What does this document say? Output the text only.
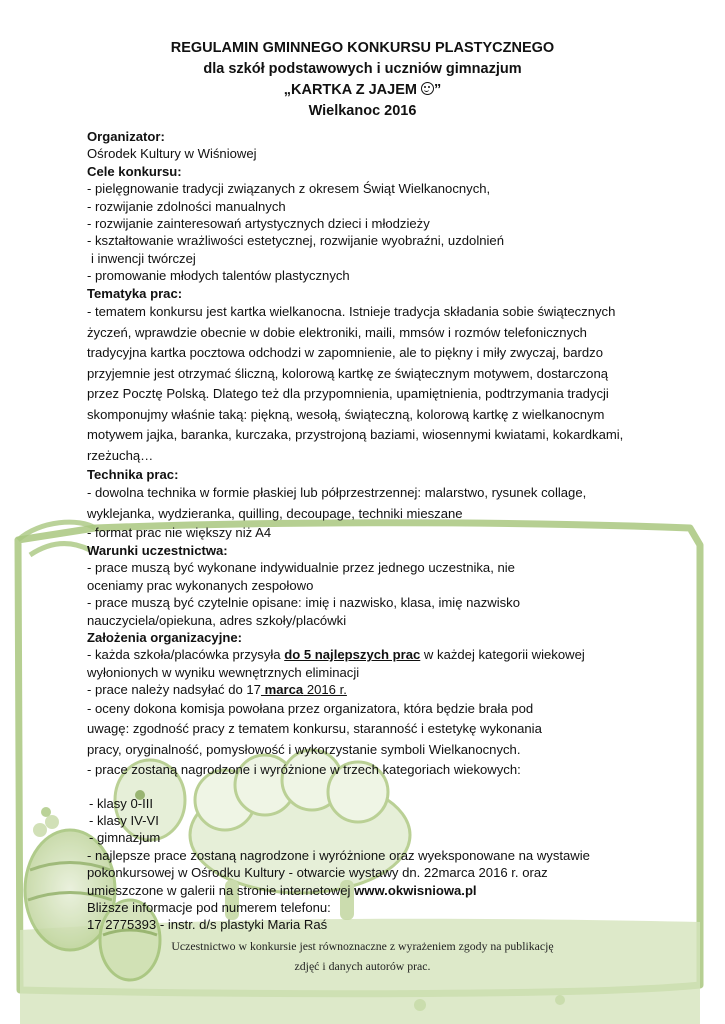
REGULAMIN GMINNEGO KONKURSU PLASTYCZNEGO
dla szkół podstawowych i uczniów gimnazjum
„KARTKA Z JAJEM ”
Wielkanoc 2016

Organizator:

Ośrodek Kultury w Wiśniowej

Cele konkursu:

- pielęgnowanie tradycji związanych z okresem Świąt Wielkanocnych,

- rozwijanie zdolności manualnych

- rozwijanie zainteresowań artystycznych dzieci i młodzieży

- kształtowanie wrażliwości estetycznej, rozwijanie wyobraźni, uzdolnień

i inwencji twórczej

- promowanie młodych talentów plastycznych

Tematyka prac:

- tematem konkursu jest kartka wielkanocna. Istnieje tradycja składania sobie świątecznych

życzeń, wprawdzie obecnie w dobie elektroniki, maili, mmsów i rozmów telefonicznych

tradycyjna kartka pocztowa odchodzi w zapomnienie, ale to piękny i miły zwyczaj, bardzo

przyjemnie jest otrzymać śliczną, kolorową kartkę ze świątecznym motywem, dostarczoną

przez Pocztę Polską. Dlatego też dla przypomnienia, upamiętnienia, podtrzymania tradycji

skomponujmy właśnie taką: piękną, wesołą, świąteczną, kolorową kartkę z wielkanocnym

motywem jajka, baranka, kurczaka, przystrojoną baziami, wiosennymi kwiatami, kokardkami,

rzeżuchą…

Technika prac:

- dowolna technika w formie płaskiej lub półprzestrzennej: malarstwo, rysunek collage,

wyklejanka, wydzieranka, quilling, decoupage, techniki mieszane

- format prac nie większy niż A4

Warunki uczestnictwa:

- prace muszą być wykonane indywidualnie przez jednego uczestnika, nie

oceniamy prac wykonanych zespołowo

- prace muszą być czytelnie opisane: imię i nazwisko, klasa, imię nazwisko

nauczyciela/opiekuna, adres szkoły/placówki

Założenia organizacyjne:

- każda szkoła/placówka przysyła do 5 najlepszych prac w każdej kategorii wiekowej

wyłonionych w wyniku wewnętrznych eliminacji

- prace należy nadsyłać do 17 marca 2016 r.

- oceny dokona komisja powołana przez organizatora, która będzie brała pod

uwagę: zgodność pracy z tematem konkursu, staranność i estetykę wykonania

pracy, oryginalność, pomysłowość i wykorzystanie symboli Wielkanocnych.

- prace zostaną nagrodzone i wyróżnione w trzech kategoriach wiekowych:

- klasy 0-III

- klasy IV-VI

- gimnazjum

- najlepsze prace zostaną nagrodzone i wyróżnione oraz wyeksponowane na wystawie

pokonkursowej w Ośrodku Kultury - otwarcie wystawy dn. 22marca 2016 r. oraz

umieszczone w galerii na stronie internetowej www.okwisniowa.pl

Bliższe informacje pod numerem telefonu:

17 2775393 - instr. d/s plastyki Maria Raś

Uczestnictwo w konkursie jest równoznaczne z wyrażeniem zgody na publikację
zdjęć i danych autorów prac.
